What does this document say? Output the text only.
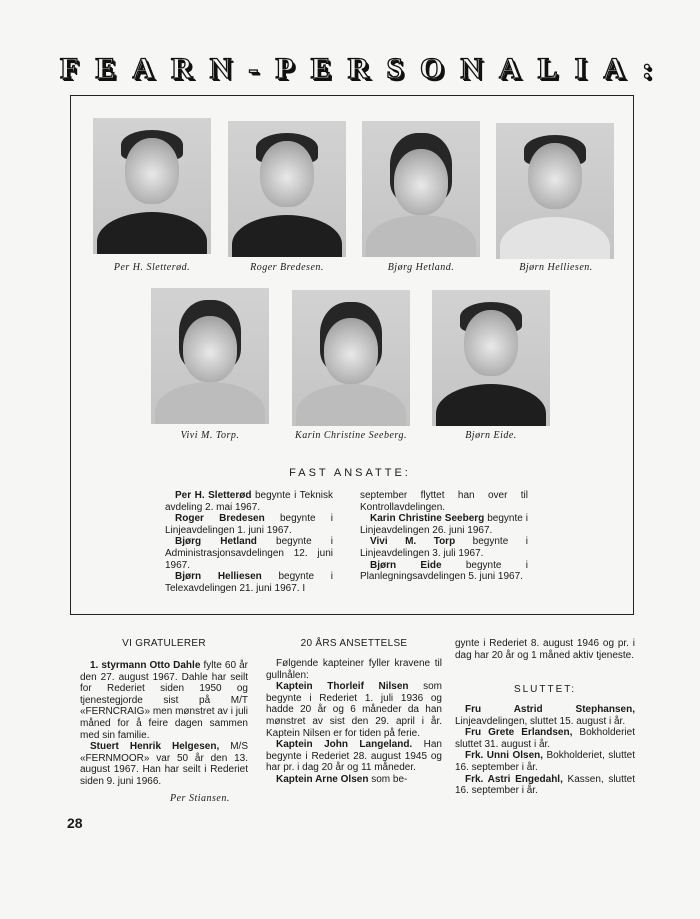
FEARN-PERSONALIA:
Per H. Sletterød.	Roger Bredesen.	Bjørg Hetland.	Bjørn Helliesen.
Vivi M. Torp.	Karin Christine Seeberg.	Bjørn Eide.
FAST ANSATTE:

Per H. Sletterød begynte i Teknisk avdeling 2. mai 1967.

Roger Bredesen begynte i Linjeavdelingen 1. juni 1967.

Bjørg Hetland begynte i Administrasjonsavdelingen 12. juni 1967.

Bjørn Helliesen begynte i Telexavdelingen 21. juni 1967. I

september flyttet han over til Kontrollavdelingen.

Karin Christine Seeberg begynte i Linjeavdelingen 26. juni 1967.

Vivi M. Torp begynte i Linjeavdelingen 3. juli 1967.

Bjørn Eide begynte i Planlegningsavdelingen 5. juni 1967.

VI GRATULERER

1. styrmann Otto Dahle fylte 60 år den 27. august 1967. Dahle har seilt for Rederiet siden 1950 og tjenestegjorde sist på M/T «FERNCRAIG» men mønstret av i juli måned for å feire dagen sammen med sin familie.

Stuert Henrik Helgesen, M/S «FERNMOOR» var 50 år den 13. august 1967. Han har seilt i Rederiet siden 9. juni 1966.

Per Stiansen.
20 ÅRS ANSETTELSE

Følgende kapteiner fyller kravene til gullnålen:

Kaptein Thorleif Nilsen som begynte i Rederiet 1. juli 1936 og hadde 20 år og 6 måneder da han mønstret av sist den 29. april i år. Kaptein Nilsen er for tiden på ferie.

Kaptein John Langeland. Han begynte i Rederiet 28. august 1945 og har pr. i dag 20 år og 11 måneder.

Kaptein Arne Olsen som be-

gynte i Rederiet 8. august 1946 og pr. i dag har 20 år og 1 måned aktiv tjeneste.

SLUTTET:

Fru Astrid Stephansen, Linjeavdelingen, sluttet 15. august i år.

Fru Grete Erlandsen, Bokholderiet sluttet 31. august i år.

Frk. Unni Olsen, Bokholderiet, sluttet 16. september i år.

Frk. Astri Engedahl, Kassen, sluttet 16. september i år.

28
